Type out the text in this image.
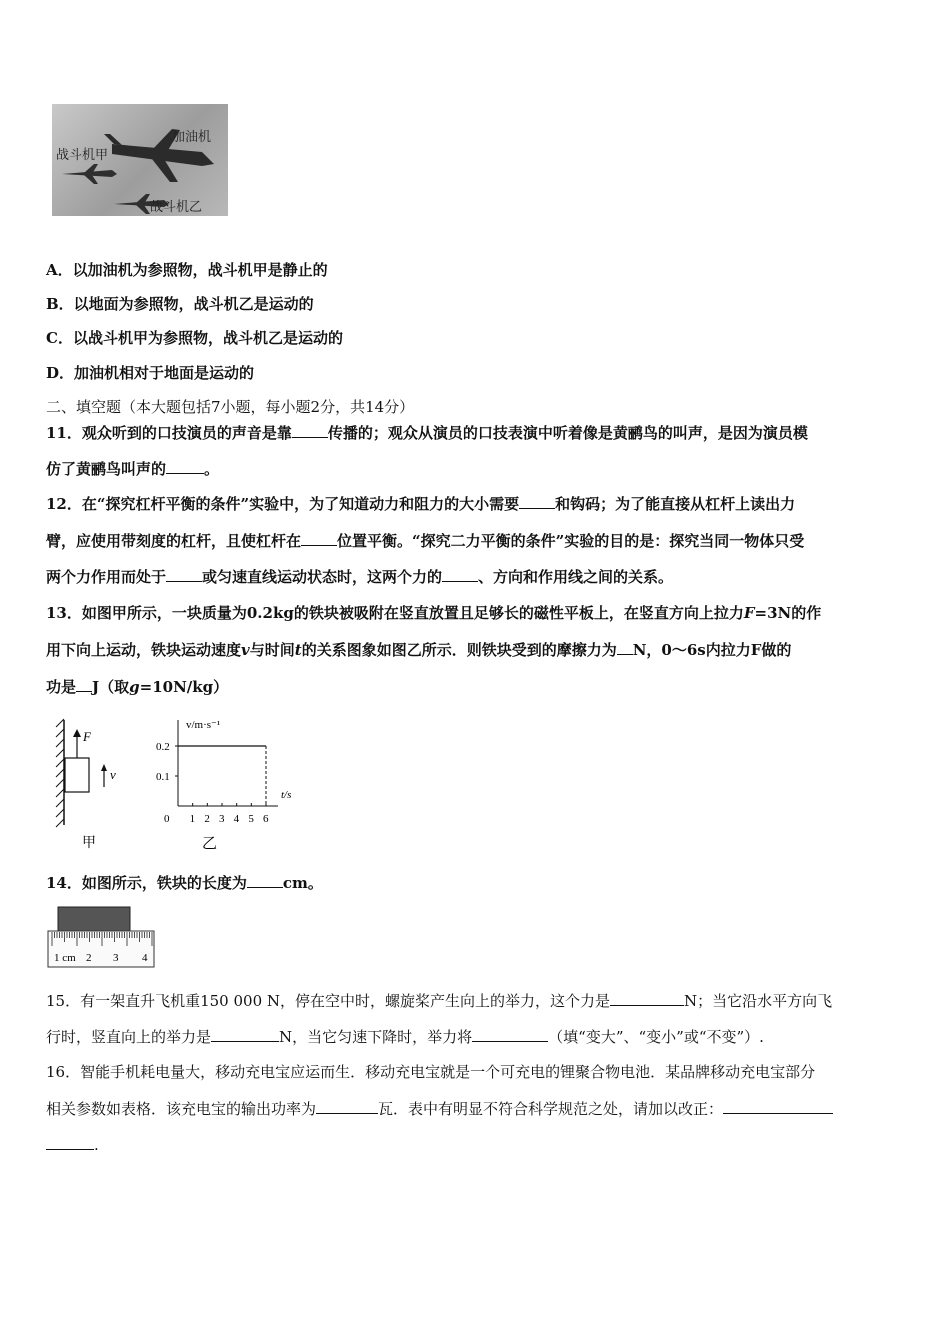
加油机
战斗机甲
战斗机乙
A．以加油机为参照物，战斗机甲是静止的
B．以地面为参照物，战斗机乙是运动的
C．以战斗机甲为参照物，战斗机乙是运动的
D．加油机相对于地面是运动的
二、填空题（本大题包括7小题，每小题2分，共14分）
11．观众听到的口技演员的声音是靠 传播的；观众从演员的口技表演中听着像是黄鹂鸟的叫声，是因为演员模
仿了黄鹂鸟叫声的	。
12．在“探究杠杆平衡的条件”实验中，为了知道动力和阻力的大小需要 和钩码；为了能直接从杠杆上读出力
臂，应使用带刻度的杠杆，且使杠杆在 位置平衡。“探究二力平衡的条件”实验的目的是：探究当同一物体只受
两个力作用而处于 或匀速直线运动状态时，这两个力的 、方向和作用线之间的关系。
13．如图甲所示，一块质量为0.2kg的铁块被吸附在竖直放置且足够长的磁性平板上，在竖直方向上拉力F=3N的作
用下向上运动，铁块运动速度v与时间t的关系图象如图乙所示．则铁块受到的摩擦力为 N，0～6s内拉力F做的
功是 J（取g=10N/kg）
F
v
甲
0.1
0.2
0 1 2 3 4 5 6
v/m·s⁻¹
t/s
乙
14．如图所示，铁块的长度为 cm。
1 cm 2 3 4
15．有一架直升飞机重150 000 N，停在空中时，螺旋桨产生向上的举力，这个力是	N；当它沿水平方向飞
行时，竖直向上的举力是	N，当它匀速下降时，举力将	（填“变大”、“变小”或“不变”）.
16．智能手机耗电量大，移动充电宝应运而生．移动充电宝就是一个可充电的锂聚合物电池．某品牌移动充电宝部分
相关参数如表格．该充电宝的输出功率为	瓦．表中有明显不符合科学规范之处，请加以改正：
.
